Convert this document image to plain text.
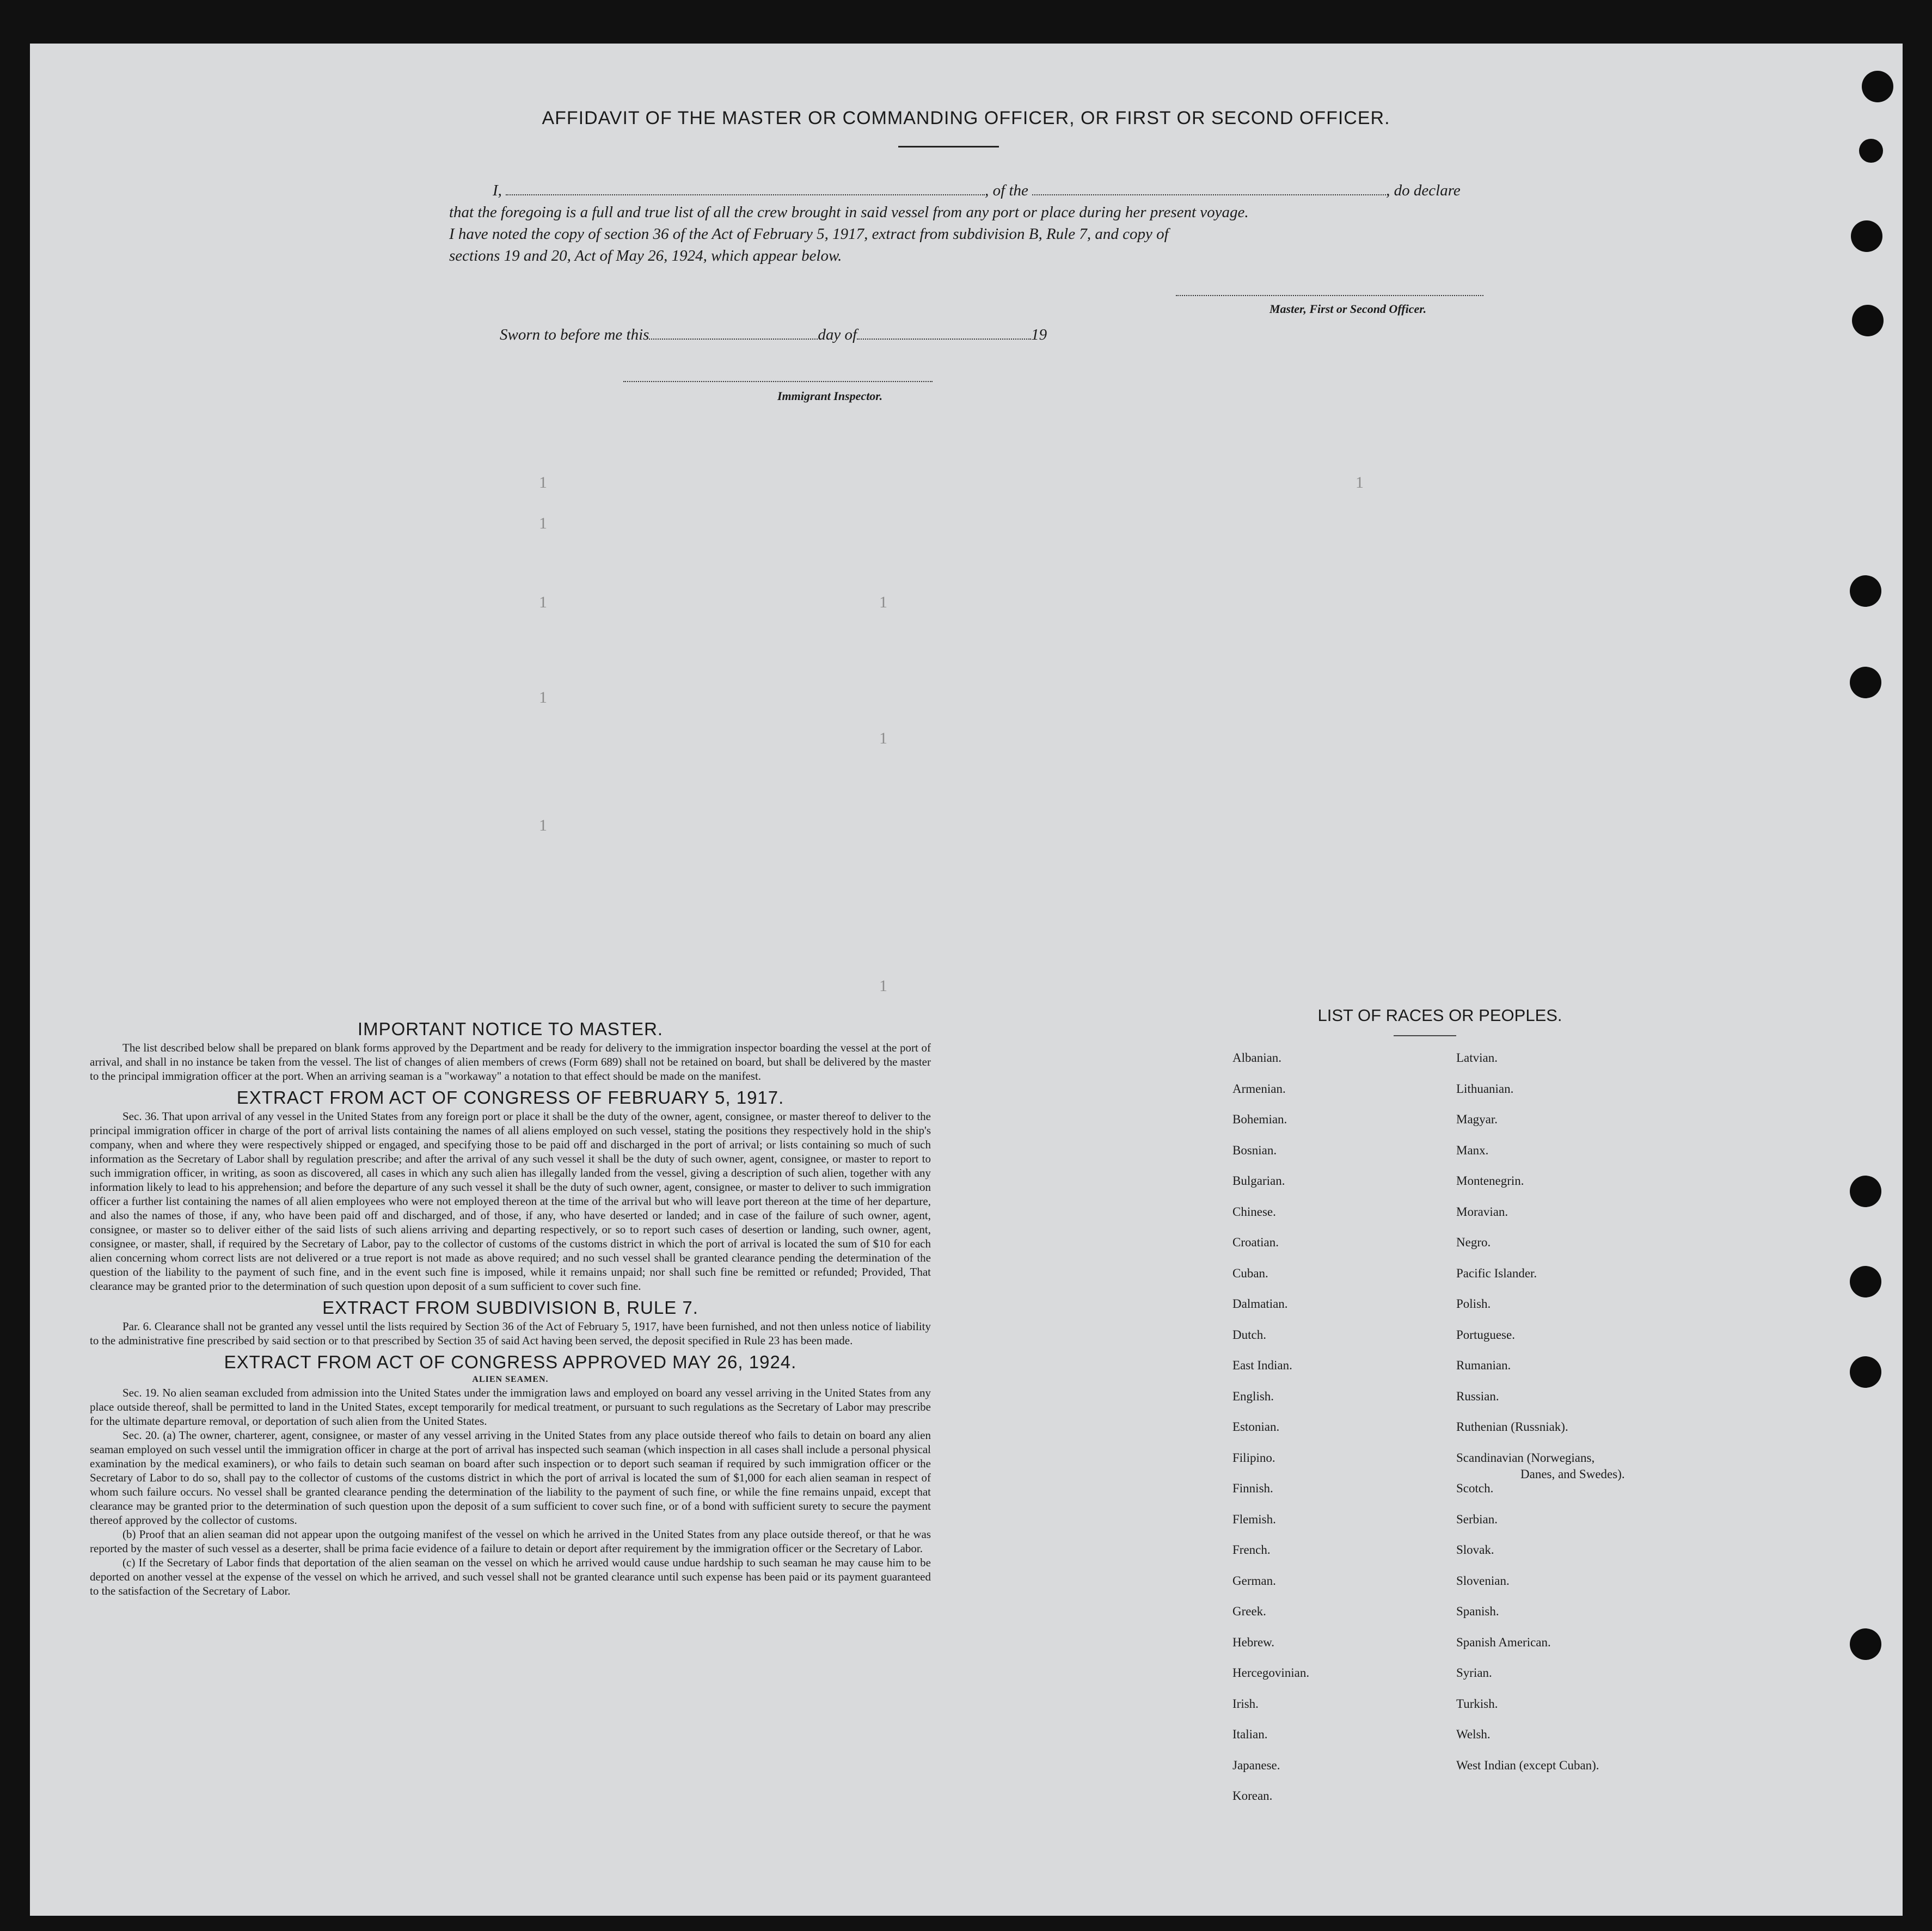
AFFIDAVIT OF THE MASTER OR COMMANDING OFFICER, OR FIRST OR SECOND OFFICER.
I,	, of the	, do declare
that the foregoing is a full and true list of all the crew brought in said vessel from any port or place during her present voyage.
I have noted the copy of section 36 of the Act of February 5, 1917, extract from subdivision B, Rule 7, and copy of
sections 19 and 20, Act of May 26, 1924, which appear below.
Master, First or Second Officer.
Sworn to before me this	day of	19
Immigrant Inspector.
1
1
1
1
1
1
1
1
1
IMPORTANT NOTICE TO MASTER.

The list described below shall be prepared on blank forms approved by the Department and be ready for delivery to the immigration inspector boarding the vessel at the port of arrival, and shall in no instance be taken from the vessel. The list of changes of alien members of crews (Form 689) shall not be retained on board, but shall be delivered by the master to the principal immigration officer at the port. When an arriving seaman is a "workaway" a notation to that effect should be made on the manifest.

EXTRACT FROM ACT OF CONGRESS OF FEBRUARY 5, 1917.

Sec. 36. That upon arrival of any vessel in the United States from any foreign port or place it shall be the duty of the owner, agent, consignee, or master thereof to deliver to the principal immigration officer in charge of the port of arrival lists containing the names of all aliens employed on such vessel, stating the positions they respectively hold in the ship's company, when and where they were respectively shipped or engaged, and specifying those to be paid off and discharged in the port of arrival; or lists containing so much of such information as the Secretary of Labor shall by regulation prescribe; and after the arrival of any such vessel it shall be the duty of such owner, agent, consignee, or master to report to such immigration officer, in writing, as soon as discovered, all cases in which any such alien has illegally landed from the vessel, giving a description of such alien, together with any information likely to lead to his apprehension; and before the departure of any such vessel it shall be the duty of such owner, agent, consignee, or master to deliver to such immigration officer a further list containing the names of all alien employees who were not employed thereon at the time of the arrival but who will leave port thereon at the time of her departure, and also the names of those, if any, who have been paid off and discharged, and of those, if any, who have deserted or landed; and in case of the failure of such owner, agent, consignee, or master so to deliver either of the said lists of such aliens arriving and departing respectively, or so to report such cases of desertion or landing, such owner, agent, consignee, or master, shall, if required by the Secretary of Labor, pay to the collector of customs of the customs district in which the port of arrival is located the sum of $10 for each alien concerning whom correct lists are not delivered or a true report is not made as above required; and no such vessel shall be granted clearance pending the determination of the question of the liability to the payment of such fine, and in the event such fine is imposed, while it remains unpaid; nor shall such fine be remitted or refunded; Provided, That clearance may be granted prior to the determination of such question upon deposit of a sum sufficient to cover such fine.

EXTRACT FROM SUBDIVISION B, RULE 7.

Par. 6. Clearance shall not be granted any vessel until the lists required by Section 36 of the Act of February 5, 1917, have been furnished, and not then unless notice of liability to the administrative fine prescribed by said section or to that prescribed by Section 35 of said Act having been served, the deposit specified in Rule 23 has been made.

EXTRACT FROM ACT OF CONGRESS APPROVED MAY 26, 1924.
ALIEN SEAMEN.

Sec. 19. No alien seaman excluded from admission into the United States under the immigration laws and employed on board any vessel arriving in the United States from any place outside thereof, shall be permitted to land in the United States, except temporarily for medical treatment, or pursuant to such regulations as the Secretary of Labor may prescribe for the ultimate departure removal, or deportation of such alien from the United States.

Sec. 20. (a) The owner, charterer, agent, consignee, or master of any vessel arriving in the United States from any place outside thereof who fails to detain on board any alien seaman employed on such vessel until the immigration officer in charge at the port of arrival has inspected such seaman (which inspection in all cases shall include a personal physical examination by the medical examiners), or who fails to detain such seaman on board after such inspection or to deport such seaman if required by such immigration officer or the Secretary of Labor to do so, shall pay to the collector of customs of the customs district in which the port of arrival is located the sum of $1,000 for each alien seaman in respect of whom such failure occurs. No vessel shall be granted clearance pending the determination of the liability to the payment of such fine, or while the fine remains unpaid, except that clearance may be granted prior to the determination of such question upon the deposit of a sum sufficient to cover such fine, or of a bond with sufficient surety to secure the payment thereof approved by the collector of customs.

(b) Proof that an alien seaman did not appear upon the outgoing manifest of the vessel on which he arrived in the United States from any place outside thereof, or that he was reported by the master of such vessel as a deserter, shall be prima facie evidence of a failure to detain or deport after requirement by the immigration officer or the Secretary of Labor.

(c) If the Secretary of Labor finds that deportation of the alien seaman on the vessel on which he arrived would cause undue hardship to such seaman he may cause him to be deported on another vessel at the expense of the vessel on which he arrived, and such vessel shall not be granted clearance until such expense has been paid or its payment guaranteed to the satisfaction of the Secretary of Labor.

LIST OF RACES OR PEOPLES.
Albanian.
Armenian.
Bohemian.
Bosnian.
Bulgarian.
Chinese.
Croatian.
Cuban.
Dalmatian.
Dutch.
East Indian.
English.
Estonian.
Filipino.
Finnish.
Flemish.
French.
German.
Greek.
Hebrew.
Hercegovinian.
Irish.
Italian.
Japanese.
Korean.
Latvian.
Lithuanian.
Magyar.
Manx.
Montenegrin.
Moravian.
Negro.
Pacific Islander.
Polish.
Portuguese.
Rumanian.
Russian.
Ruthenian (Russniak).
Scandinavian (Norwegians,
Danes, and Swedes).
Scotch.
Serbian.
Slovak.
Slovenian.
Spanish.
Spanish American.
Syrian.
Turkish.
Welsh.
West Indian (except Cuban).
